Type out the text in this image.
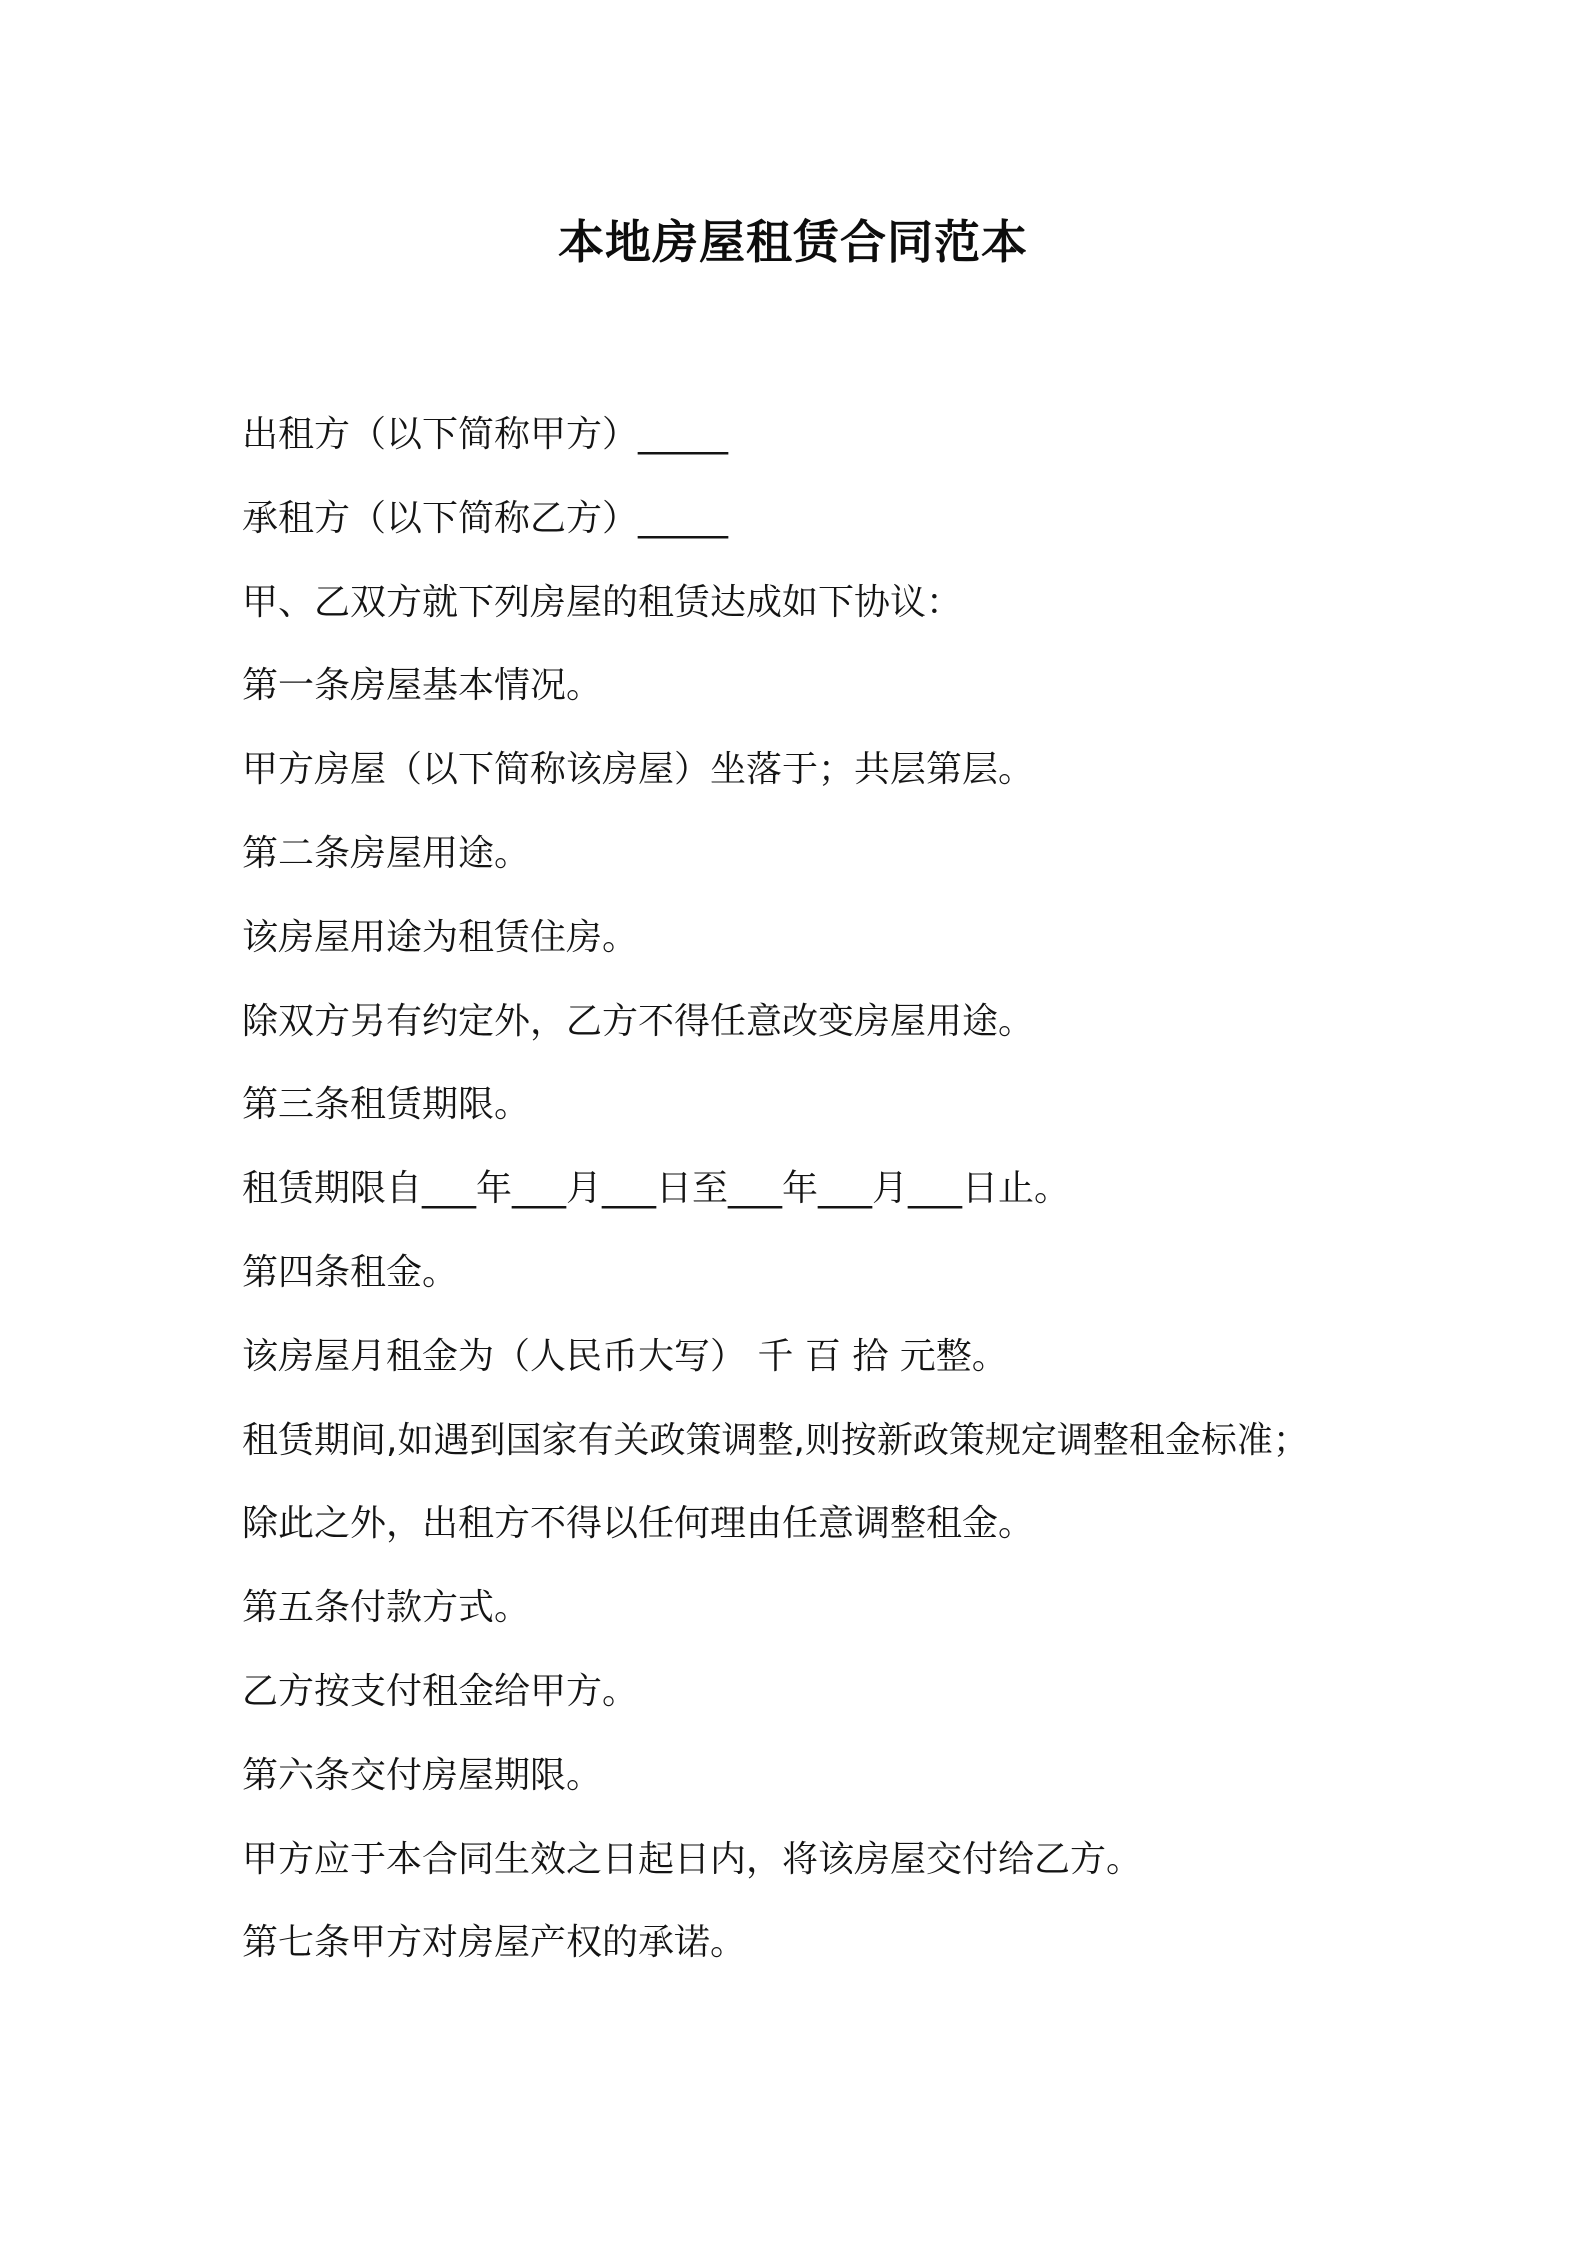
本地房屋租赁合同范本
出租方（以下简称甲方）_____
承租方（以下简称乙方）_____
甲、乙双方就下列房屋的租赁达成如下协议：
第一条房屋基本情况。
甲方房屋（以下简称该房屋）坐落于；共层第层。
第二条房屋用途。
该房屋用途为租赁住房。
除双方另有约定外，乙方不得任意改变房屋用途。
第三条租赁期限。
租赁期限自___年___月___日至___年___月___日止。
第四条租金。
该房屋月租金为（人民币大写） 千 百 拾 元整。
租赁期间,如遇到国家有关政策调整,则按新政策规定调整租金标准；
除此之外，出租方不得以任何理由任意调整租金。
第五条付款方式。
乙方按支付租金给甲方。
第六条交付房屋期限。
甲方应于本合同生效之日起日内，将该房屋交付给乙方。
第七条甲方对房屋产权的承诺。
